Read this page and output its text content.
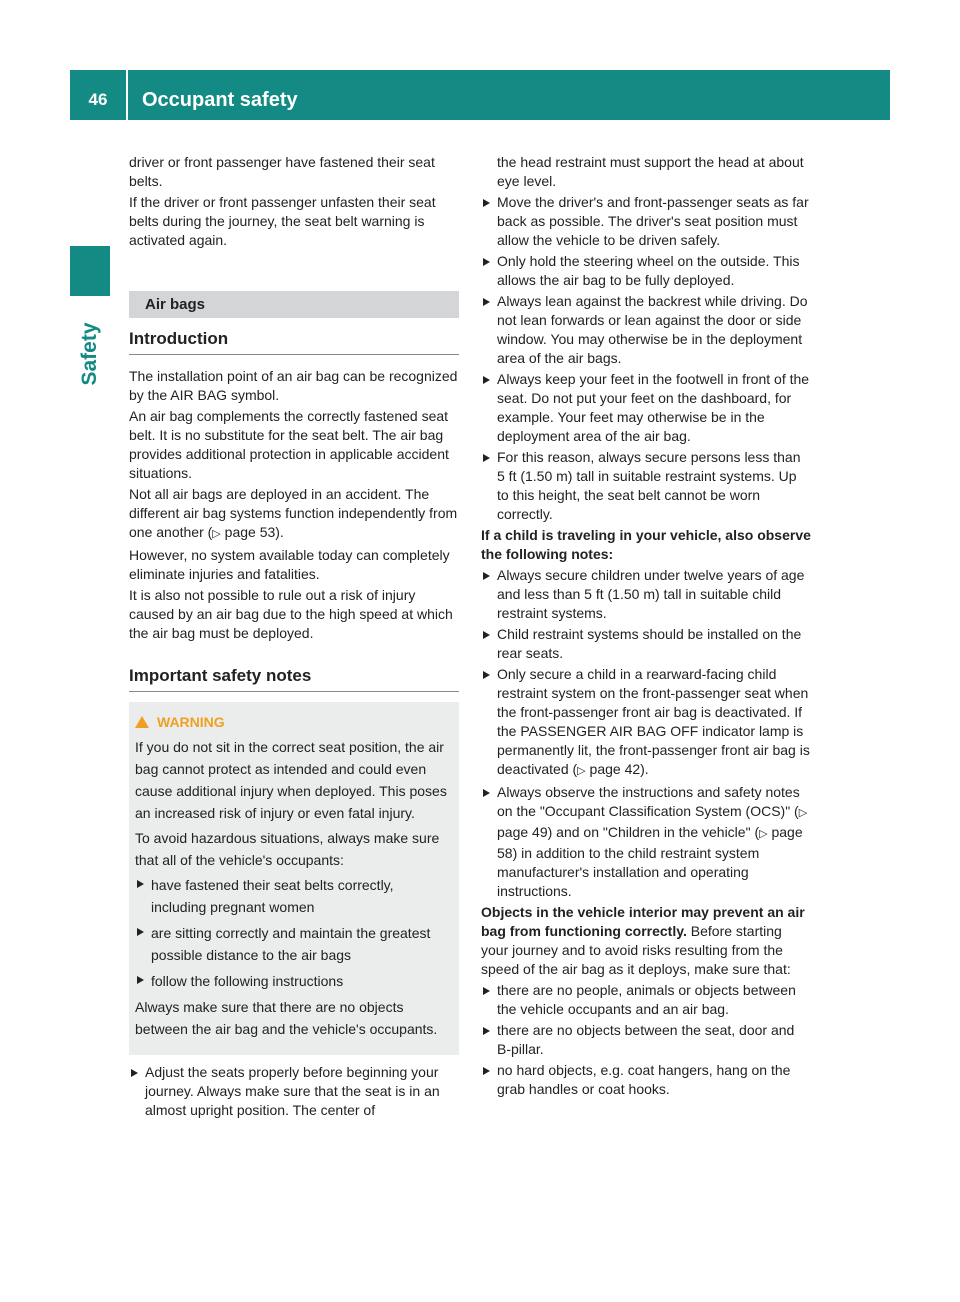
46	Occupant safety
Safety

driver or front passenger have fastened their seat belts.

If the driver or front passenger unfasten their seat belts during the journey, the seat belt warning is activated again.

Air bags
Introduction

The installation point of an air bag can be recognized by the AIR BAG symbol.

An air bag complements the correctly fastened seat belt. It is no substitute for the seat belt. The air bag provides additional protection in applicable accident situations.

Not all air bags are deployed in an accident. The different air bag systems function independently from one another (▷ page 53).

However, no system available today can completely eliminate injuries and fatalities.

It is also not possible to rule out a risk of injury caused by an air bag due to the high speed at which the air bag must be deployed.

Important safety notes
WARNING

If you do not sit in the correct seat position, the air bag cannot protect as intended and could even cause additional injury when deployed. This poses an increased risk of injury or even fatal injury.

To avoid hazardous situations, always make sure that all of the vehicle's occupants:

have fastened their seat belts correctly, including pregnant women
are sitting correctly and maintain the greatest possible distance to the air bags
follow the following instructions

Always make sure that there are no objects between the air bag and the vehicle's occupants.

Adjust the seats properly before beginning your journey. Always make sure that the seat is in an almost upright position. The center of

the head restraint must support the head at about eye level.

Move the driver's and front-passenger seats as far back as possible. The driver's seat position must allow the vehicle to be driven safely.
Only hold the steering wheel on the outside. This allows the air bag to be fully deployed.
Always lean against the backrest while driving. Do not lean forwards or lean against the door or side window. You may otherwise be in the deployment area of the air bags.
Always keep your feet in the footwell in front of the seat. Do not put your feet on the dashboard, for example. Your feet may otherwise be in the deployment area of the air bag.
For this reason, always secure persons less than 5 ft (1.50 m) tall in suitable restraint systems. Up to this height, the seat belt cannot be worn correctly.

If a child is traveling in your vehicle, also observe the following notes:

Always secure children under twelve years of age and less than 5 ft (1.50 m) tall in suitable child restraint systems.
Child restraint systems should be installed on the rear seats.
Only secure a child in a rearward-facing child restraint system on the front-passenger seat when the front-passenger front air bag is deactivated. If the PASSENGER AIR BAG OFF indicator lamp is permanently lit, the front-passenger front air bag is deactivated (▷ page 42).
Always observe the instructions and safety notes on the "Occupant Classification System (OCS)" (▷ page 49) and on "Children in the vehicle" (▷ page 58) in addition to the child restraint system manufacturer's installation and operating instructions.

Objects in the vehicle interior may prevent an air bag from functioning correctly. Before starting your journey and to avoid risks resulting from the speed of the air bag as it deploys, make sure that:

there are no people, animals or objects between the vehicle occupants and an air bag.
there are no objects between the seat, door and B-pillar.
no hard objects, e.g. coat hangers, hang on the grab handles or coat hooks.
